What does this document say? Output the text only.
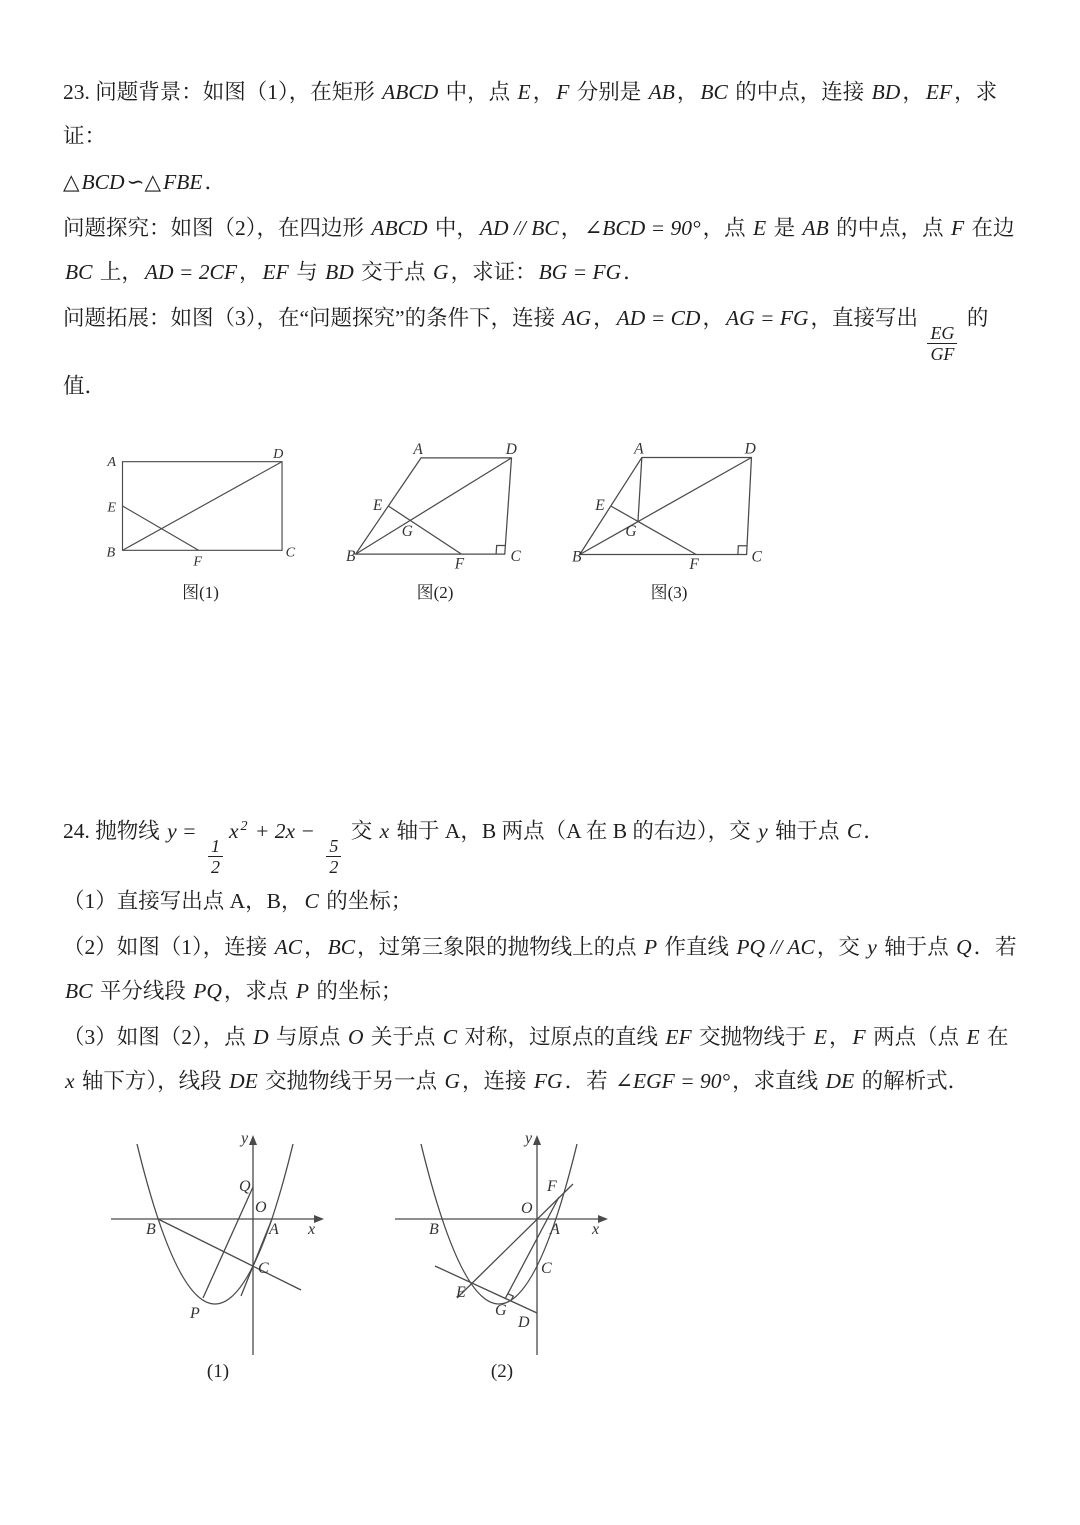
23. 问题背景：如图（1），在矩形 ABCD 中，点 E，F 分别是 AB，BC 的中点，连接 BD，EF，求证：

△BCD∽△FBE．

问题探究：如图（2），在四边形 ABCD 中，AD // BC，∠BCD = 90°，点 E 是 AB 的中点，点 F 在边 BC 上，AD = 2CF，EF 与 BD 交于点 G，求证：BG = FG．

问题拓展：如图（3），在“问题探究”的条件下，连接 AG，AD = CD，AG = FG，直接写出
$\frac{EG}{GF}$
的值．

A	D
B	C
E
F
图(1)
A	D
B	C
E
F
G
图(2)
A	D
B	C
E
F
G
图(3)

24. 抛物线 y =
$\frac{1}{2}$
x $^2$ + 2x −
$\frac{5}{2}$
交 x 轴于 A，B 两点（A 在 B 的右边），交 y 轴于点 C．

（1）直接写出点 A，B，C 的坐标；

（2）如图（1），连接 AC，BC，过第三象限的抛物线上的点 P 作直线 PQ // AC，交 y 轴于点 Q．若 BC 平分线段 PQ，求点 P 的坐标；

（3）如图（2），点 D 与原点 O 关于点 C 对称，过原点的直线 EF 交抛物线于 E，F 两点（点 E 在 x 轴下方），线段 DE 交抛物线于另一点 G，连接 FG．若 ∠EGF = 90°，求直线 DE 的解析式．

y
x
O
Q
A
B
C
P
(1)
y
x
O
B	A
C
F
E
G
D
(2)
